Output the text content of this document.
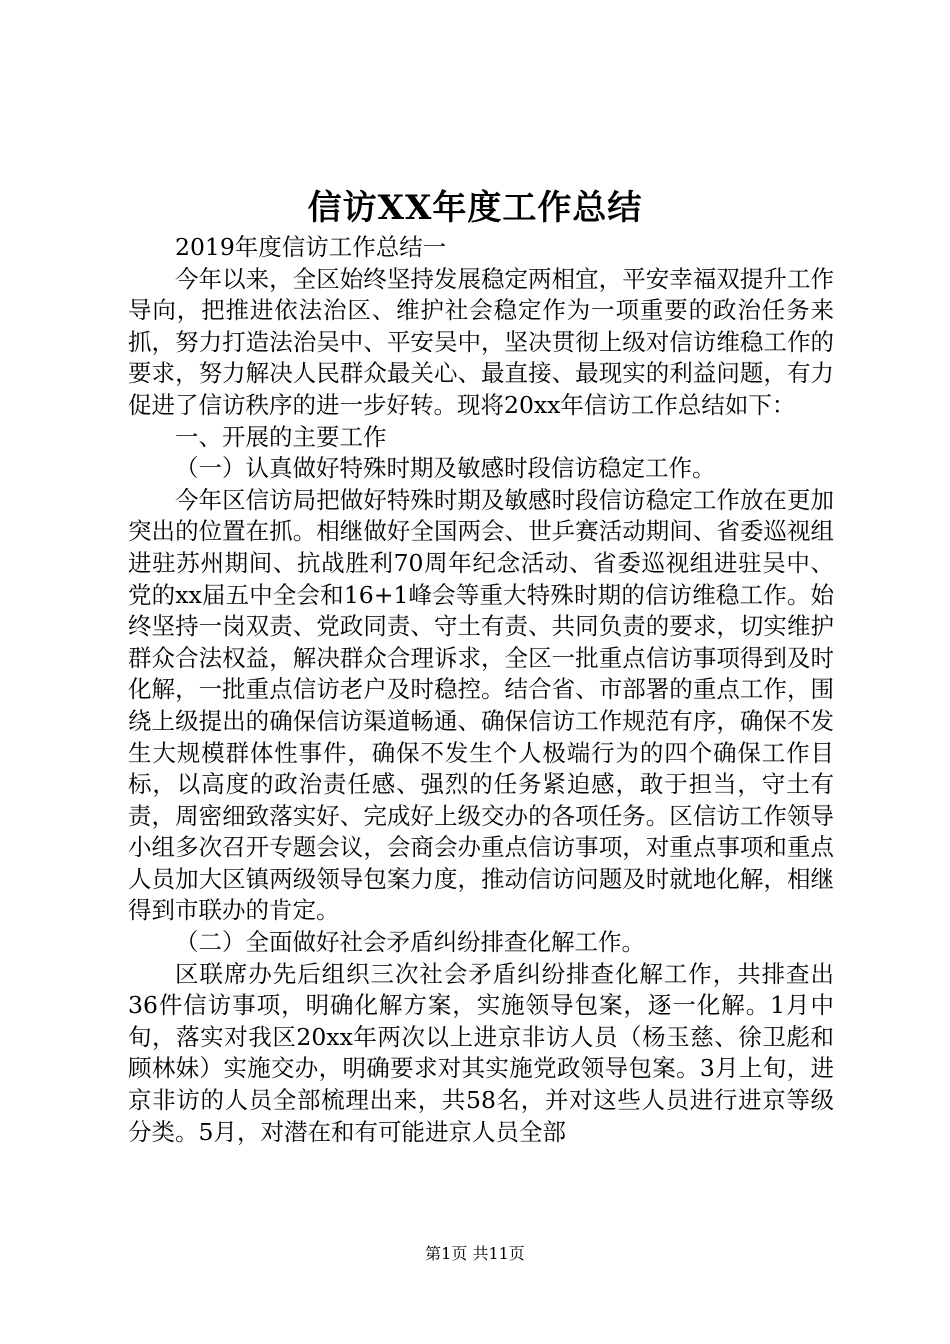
信访XX年度工作总结

2019年度信访工作总结一

今年以来，全区始终坚持发展稳定两相宜，平安幸福双提升工作导向，把推进依法治区、维护社会稳定作为一项重要的政治任务来抓，努力打造法治吴中、平安吴中，坚决贯彻上级对信访维稳工作的要求，努力解决人民群众最关心、最直接、最现实的利益问题，有力促进了信访秩序的进一步好转。现将20xx年信访工作总结如下：

一、开展的主要工作

（一）认真做好特殊时期及敏感时段信访稳定工作。

今年区信访局把做好特殊时期及敏感时段信访稳定工作放在更加突出的位置在抓。相继做好全国两会、世乒赛活动期间、省委巡视组进驻苏州期间、抗战胜利70周年纪念活动、省委巡视组进驻吴中、党的xx届五中全会和16+1峰会等重大特殊时期的信访维稳工作。始终坚持一岗双责、党政同责、守土有责、共同负责的要求，切实维护群众合法权益，解决群众合理诉求，全区一批重点信访事项得到及时化解，一批重点信访老户及时稳控。结合省、市部署的重点工作，围绕上级提出的确保信访渠道畅通、确保信访工作规范有序，确保不发生大规模群体性事件，确保不发生个人极端行为的四个确保工作目标，以高度的政治责任感、强烈的任务紧迫感，敢于担当，守土有责，周密细致落实好、完成好上级交办的各项任务。区信访工作领导小组多次召开专题会议，会商会办重点信访事项，对重点事项和重点人员加大区镇两级领导包案力度，推动信访问题及时就地化解，相继得到市联办的肯定。

（二）全面做好社会矛盾纠纷排查化解工作。

区联席办先后组织三次社会矛盾纠纷排查化解工作，共排查出36件信访事项，明确化解方案，实施领导包案，逐一化解。1月中旬，落实对我区20xx年两次以上进京非访人员（杨玉慈、徐卫彪和顾林妹）实施交办，明确要求对其实施党政领导包案。3月上旬，进京非访的人员全部梳理出来，共58名，并对这些人员进行进京等级分类。5月，对潜在和有可能进京人员全部

第1页 共11页
